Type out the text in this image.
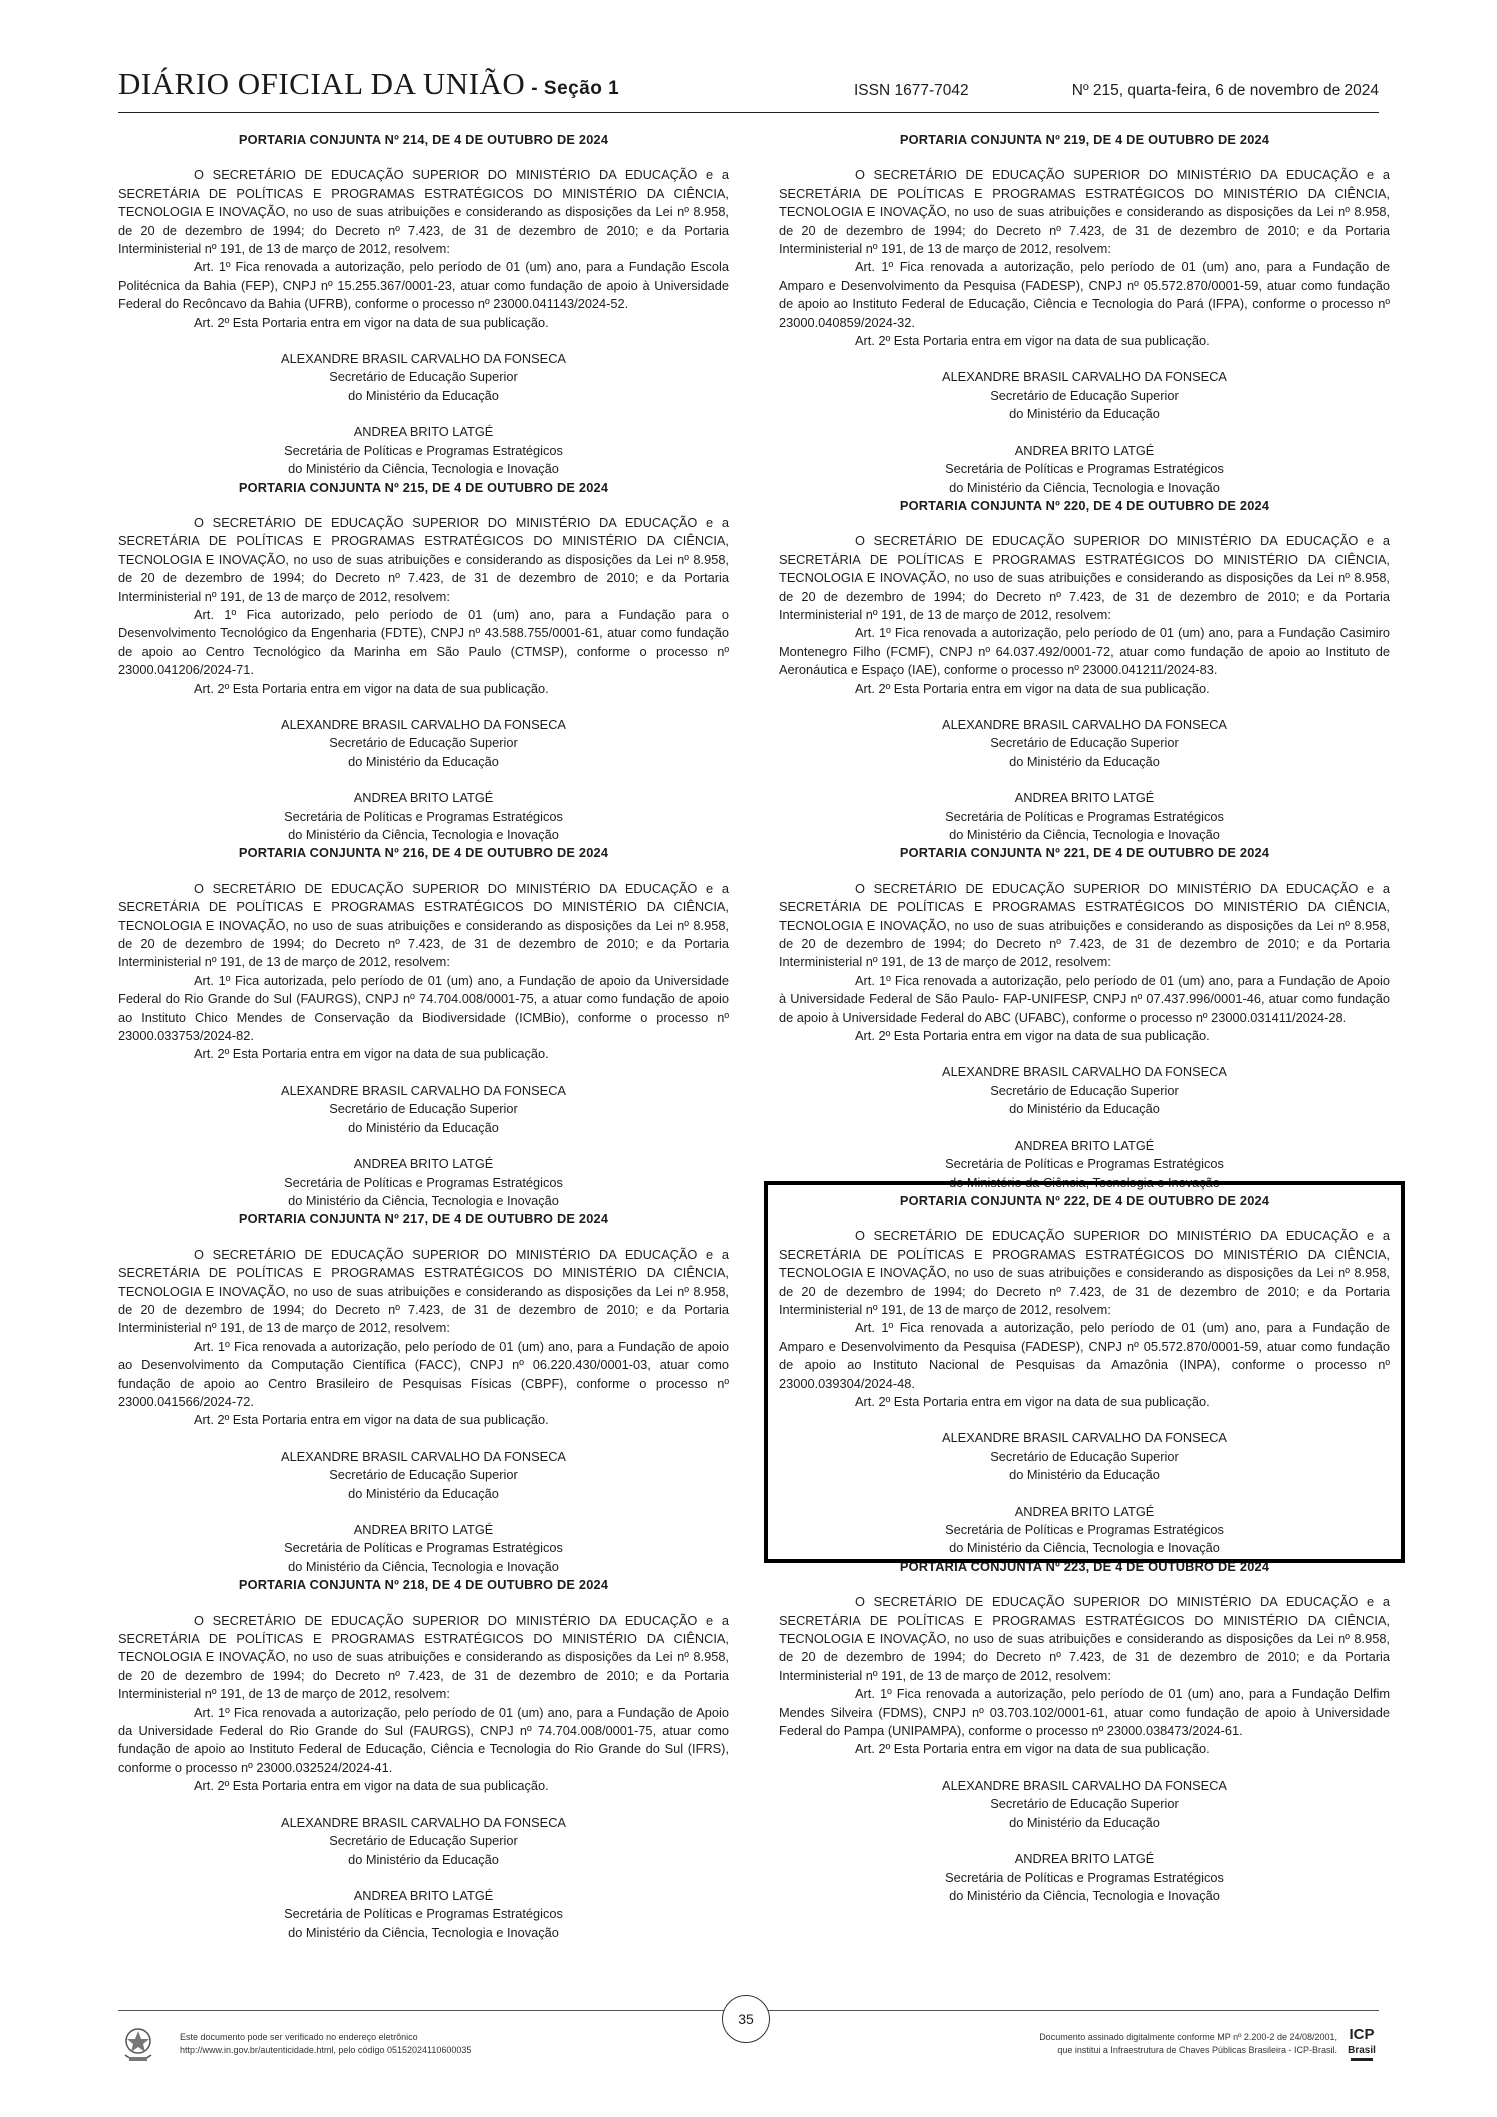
DIÁRIO OFICIAL DA UNIÃO - Seção 1	ISSN 1677-7042	Nº 215, quarta-feira, 6 de novembro de 2024
PORTARIA CONJUNTA Nº 214, DE 4 DE OUTUBRO DE 2024

O SECRETÁRIO DE EDUCAÇÃO SUPERIOR DO MINISTÉRIO DA EDUCAÇÃO e a SECRETÁRIA DE POLÍTICAS E PROGRAMAS ESTRATÉGICOS DO MINISTÉRIO DA CIÊNCIA, TECNOLOGIA E INOVAÇÃO, no uso de suas atribuições e considerando as disposições da Lei nº 8.958, de 20 de dezembro de 1994; do Decreto nº 7.423, de 31 de dezembro de 2010; e da Portaria Interministerial nº 191, de 13 de março de 2012, resolvem:

Art. 1º Fica renovada a autorização, pelo período de 01 (um) ano, para a Fundação Escola Politécnica da Bahia (FEP), CNPJ nº 15.255.367/0001-23, atuar como fundação de apoio à Universidade Federal do Recôncavo da Bahia (UFRB), conforme o processo nº 23000.041143/2024-52.

Art. 2º Esta Portaria entra em vigor na data de sua publicação.

ALEXANDRE BRASIL CARVALHO DA FONSECA
Secretário de Educação Superior
do Ministério da Educação
ANDREA BRITO LATGÉ
Secretária de Políticas e Programas Estratégicos
do Ministério da Ciência, Tecnologia e Inovação
PORTARIA CONJUNTA Nº 215, DE 4 DE OUTUBRO DE 2024

O SECRETÁRIO DE EDUCAÇÃO SUPERIOR DO MINISTÉRIO DA EDUCAÇÃO e a SECRETÁRIA DE POLÍTICAS E PROGRAMAS ESTRATÉGICOS DO MINISTÉRIO DA CIÊNCIA, TECNOLOGIA E INOVAÇÃO, no uso de suas atribuições e considerando as disposições da Lei nº 8.958, de 20 de dezembro de 1994; do Decreto nº 7.423, de 31 de dezembro de 2010; e da Portaria Interministerial nº 191, de 13 de março de 2012, resolvem:

Art. 1º Fica autorizado, pelo período de 01 (um) ano, para a Fundação para o Desenvolvimento Tecnológico da Engenharia (FDTE), CNPJ nº 43.588.755/0001-61, atuar como fundação de apoio ao Centro Tecnológico da Marinha em São Paulo (CTMSP), conforme o processo nº 23000.041206/2024-71.

Art. 2º Esta Portaria entra em vigor na data de sua publicação.

ALEXANDRE BRASIL CARVALHO DA FONSECA
Secretário de Educação Superior
do Ministério da Educação
ANDREA BRITO LATGÉ
Secretária de Políticas e Programas Estratégicos
do Ministério da Ciência, Tecnologia e Inovação
PORTARIA CONJUNTA Nº 216, DE 4 DE OUTUBRO DE 2024

O SECRETÁRIO DE EDUCAÇÃO SUPERIOR DO MINISTÉRIO DA EDUCAÇÃO e a SECRETÁRIA DE POLÍTICAS E PROGRAMAS ESTRATÉGICOS DO MINISTÉRIO DA CIÊNCIA, TECNOLOGIA E INOVAÇÃO, no uso de suas atribuições e considerando as disposições da Lei nº 8.958, de 20 de dezembro de 1994; do Decreto nº 7.423, de 31 de dezembro de 2010; e da Portaria Interministerial nº 191, de 13 de março de 2012, resolvem:

Art. 1º Fica autorizada, pelo período de 01 (um) ano, a Fundação de apoio da Universidade Federal do Rio Grande do Sul (FAURGS), CNPJ nº 74.704.008/0001-75, a atuar como fundação de apoio ao Instituto Chico Mendes de Conservação da Biodiversidade (ICMBio), conforme o processo nº 23000.033753/2024-82.

Art. 2º Esta Portaria entra em vigor na data de sua publicação.

ALEXANDRE BRASIL CARVALHO DA FONSECA
Secretário de Educação Superior
do Ministério da Educação
ANDREA BRITO LATGÉ
Secretária de Políticas e Programas Estratégicos
do Ministério da Ciência, Tecnologia e Inovação
PORTARIA CONJUNTA Nº 217, DE 4 DE OUTUBRO DE 2024

O SECRETÁRIO DE EDUCAÇÃO SUPERIOR DO MINISTÉRIO DA EDUCAÇÃO e a SECRETÁRIA DE POLÍTICAS E PROGRAMAS ESTRATÉGICOS DO MINISTÉRIO DA CIÊNCIA, TECNOLOGIA E INOVAÇÃO, no uso de suas atribuições e considerando as disposições da Lei nº 8.958, de 20 de dezembro de 1994; do Decreto nº 7.423, de 31 de dezembro de 2010; e da Portaria Interministerial nº 191, de 13 de março de 2012, resolvem:

Art. 1º Fica renovada a autorização, pelo período de 01 (um) ano, para a Fundação de apoio ao Desenvolvimento da Computação Científica (FACC), CNPJ nº 06.220.430/0001-03, atuar como fundação de apoio ao Centro Brasileiro de Pesquisas Físicas (CBPF), conforme o processo nº 23000.041566/2024-72.

Art. 2º Esta Portaria entra em vigor na data de sua publicação.

ALEXANDRE BRASIL CARVALHO DA FONSECA
Secretário de Educação Superior
do Ministério da Educação
ANDREA BRITO LATGÉ
Secretária de Políticas e Programas Estratégicos
do Ministério da Ciência, Tecnologia e Inovação
PORTARIA CONJUNTA Nº 218, DE 4 DE OUTUBRO DE 2024

O SECRETÁRIO DE EDUCAÇÃO SUPERIOR DO MINISTÉRIO DA EDUCAÇÃO e a SECRETÁRIA DE POLÍTICAS E PROGRAMAS ESTRATÉGICOS DO MINISTÉRIO DA CIÊNCIA, TECNOLOGIA E INOVAÇÃO, no uso de suas atribuições e considerando as disposições da Lei nº 8.958, de 20 de dezembro de 1994; do Decreto nº 7.423, de 31 de dezembro de 2010; e da Portaria Interministerial nº 191, de 13 de março de 2012, resolvem:

Art. 1º Fica renovada a autorização, pelo período de 01 (um) ano, para a Fundação de Apoio da Universidade Federal do Rio Grande do Sul (FAURGS), CNPJ nº 74.704.008/0001-75, atuar como fundação de apoio ao Instituto Federal de Educação, Ciência e Tecnologia do Rio Grande do Sul (IFRS), conforme o processo nº 23000.032524/2024-41.

Art. 2º Esta Portaria entra em vigor na data de sua publicação.

ALEXANDRE BRASIL CARVALHO DA FONSECA
Secretário de Educação Superior
do Ministério da Educação
ANDREA BRITO LATGÉ
Secretária de Políticas e Programas Estratégicos
do Ministério da Ciência, Tecnologia e Inovação
PORTARIA CONJUNTA Nº 219, DE 4 DE OUTUBRO DE 2024

O SECRETÁRIO DE EDUCAÇÃO SUPERIOR DO MINISTÉRIO DA EDUCAÇÃO e a SECRETÁRIA DE POLÍTICAS E PROGRAMAS ESTRATÉGICOS DO MINISTÉRIO DA CIÊNCIA, TECNOLOGIA E INOVAÇÃO, no uso de suas atribuições e considerando as disposições da Lei nº 8.958, de 20 de dezembro de 1994; do Decreto nº 7.423, de 31 de dezembro de 2010; e da Portaria Interministerial nº 191, de 13 de março de 2012, resolvem:

Art. 1º Fica renovada a autorização, pelo período de 01 (um) ano, para a Fundação de Amparo e Desenvolvimento da Pesquisa (FADESP), CNPJ nº 05.572.870/0001-59, atuar como fundação de apoio ao Instituto Federal de Educação, Ciência e Tecnologia do Pará (IFPA), conforme o processo nº 23000.040859/2024-32.

Art. 2º Esta Portaria entra em vigor na data de sua publicação.

ALEXANDRE BRASIL CARVALHO DA FONSECA
Secretário de Educação Superior
do Ministério da Educação
ANDREA BRITO LATGÉ
Secretária de Políticas e Programas Estratégicos
do Ministério da Ciência, Tecnologia e Inovação
PORTARIA CONJUNTA Nº 220, DE 4 DE OUTUBRO DE 2024

O SECRETÁRIO DE EDUCAÇÃO SUPERIOR DO MINISTÉRIO DA EDUCAÇÃO e a SECRETÁRIA DE POLÍTICAS E PROGRAMAS ESTRATÉGICOS DO MINISTÉRIO DA CIÊNCIA, TECNOLOGIA E INOVAÇÃO, no uso de suas atribuições e considerando as disposições da Lei nº 8.958, de 20 de dezembro de 1994; do Decreto nº 7.423, de 31 de dezembro de 2010; e da Portaria Interministerial nº 191, de 13 de março de 2012, resolvem:

Art. 1º Fica renovada a autorização, pelo período de 01 (um) ano, para a Fundação Casimiro Montenegro Filho (FCMF), CNPJ nº 64.037.492/0001-72, atuar como fundação de apoio ao Instituto de Aeronáutica e Espaço (IAE), conforme o processo nº 23000.041211/2024-83.

Art. 2º Esta Portaria entra em vigor na data de sua publicação.

ALEXANDRE BRASIL CARVALHO DA FONSECA
Secretário de Educação Superior
do Ministério da Educação
ANDREA BRITO LATGÉ
Secretária de Políticas e Programas Estratégicos
do Ministério da Ciência, Tecnologia e Inovação
PORTARIA CONJUNTA Nº 221, DE 4 DE OUTUBRO DE 2024

O SECRETÁRIO DE EDUCAÇÃO SUPERIOR DO MINISTÉRIO DA EDUCAÇÃO e a SECRETÁRIA DE POLÍTICAS E PROGRAMAS ESTRATÉGICOS DO MINISTÉRIO DA CIÊNCIA, TECNOLOGIA E INOVAÇÃO, no uso de suas atribuições e considerando as disposições da Lei nº 8.958, de 20 de dezembro de 1994; do Decreto nº 7.423, de 31 de dezembro de 2010; e da Portaria Interministerial nº 191, de 13 de março de 2012, resolvem:

Art. 1º Fica renovada a autorização, pelo período de 01 (um) ano, para a Fundação de Apoio à Universidade Federal de São Paulo- FAP-UNIFESP, CNPJ nº 07.437.996/0001-46, atuar como fundação de apoio à Universidade Federal do ABC (UFABC), conforme o processo nº 23000.031411/2024-28.

Art. 2º Esta Portaria entra em vigor na data de sua publicação.

ALEXANDRE BRASIL CARVALHO DA FONSECA
Secretário de Educação Superior
do Ministério da Educação
ANDREA BRITO LATGÉ
Secretária de Políticas e Programas Estratégicos
do Ministério da Ciência, Tecnologia e Inovação
PORTARIA CONJUNTA Nº 222, DE 4 DE OUTUBRO DE 2024

O SECRETÁRIO DE EDUCAÇÃO SUPERIOR DO MINISTÉRIO DA EDUCAÇÃO e a SECRETÁRIA DE POLÍTICAS E PROGRAMAS ESTRATÉGICOS DO MINISTÉRIO DA CIÊNCIA, TECNOLOGIA E INOVAÇÃO, no uso de suas atribuições e considerando as disposições da Lei nº 8.958, de 20 de dezembro de 1994; do Decreto nº 7.423, de 31 de dezembro de 2010; e da Portaria Interministerial nº 191, de 13 de março de 2012, resolvem:

Art. 1º Fica renovada a autorização, pelo período de 01 (um) ano, para a Fundação de Amparo e Desenvolvimento da Pesquisa (FADESP), CNPJ nº 05.572.870/0001-59, atuar como fundação de apoio ao Instituto Nacional de Pesquisas da Amazônia (INPA), conforme o processo nº 23000.039304/2024-48.

Art. 2º Esta Portaria entra em vigor na data de sua publicação.

ALEXANDRE BRASIL CARVALHO DA FONSECA
Secretário de Educação Superior
do Ministério da Educação
ANDREA BRITO LATGÉ
Secretária de Políticas e Programas Estratégicos
do Ministério da Ciência, Tecnologia e Inovação
PORTARIA CONJUNTA Nº 223, DE 4 DE OUTUBRO DE 2024

O SECRETÁRIO DE EDUCAÇÃO SUPERIOR DO MINISTÉRIO DA EDUCAÇÃO e a SECRETÁRIA DE POLÍTICAS E PROGRAMAS ESTRATÉGICOS DO MINISTÉRIO DA CIÊNCIA, TECNOLOGIA E INOVAÇÃO, no uso de suas atribuições e considerando as disposições da Lei nº 8.958, de 20 de dezembro de 1994; do Decreto nº 7.423, de 31 de dezembro de 2010; e da Portaria Interministerial nº 191, de 13 de março de 2012, resolvem:

Art. 1º Fica renovada a autorização, pelo período de 01 (um) ano, para a Fundação Delfim Mendes Silveira (FDMS), CNPJ nº 03.703.102/0001-61, atuar como fundação de apoio à Universidade Federal do Pampa (UNIPAMPA), conforme o processo nº 23000.038473/2024-61.

Art. 2º Esta Portaria entra em vigor na data de sua publicação.

ALEXANDRE BRASIL CARVALHO DA FONSECA
Secretário de Educação Superior
do Ministério da Educação
ANDREA BRITO LATGÉ
Secretária de Políticas e Programas Estratégicos
do Ministério da Ciência, Tecnologia e Inovação
Este documento pode ser verificado no endereço eletrônico
http://www.in.gov.br/autenticidade.html, pelo código 05152024110600035
35
Documento assinado digitalmente conforme MP nº 2.200-2 de 24/08/2001,
que institui a Infraestrutura de Chaves Públicas Brasileira - ICP-Brasil.
ICP
Brasil
